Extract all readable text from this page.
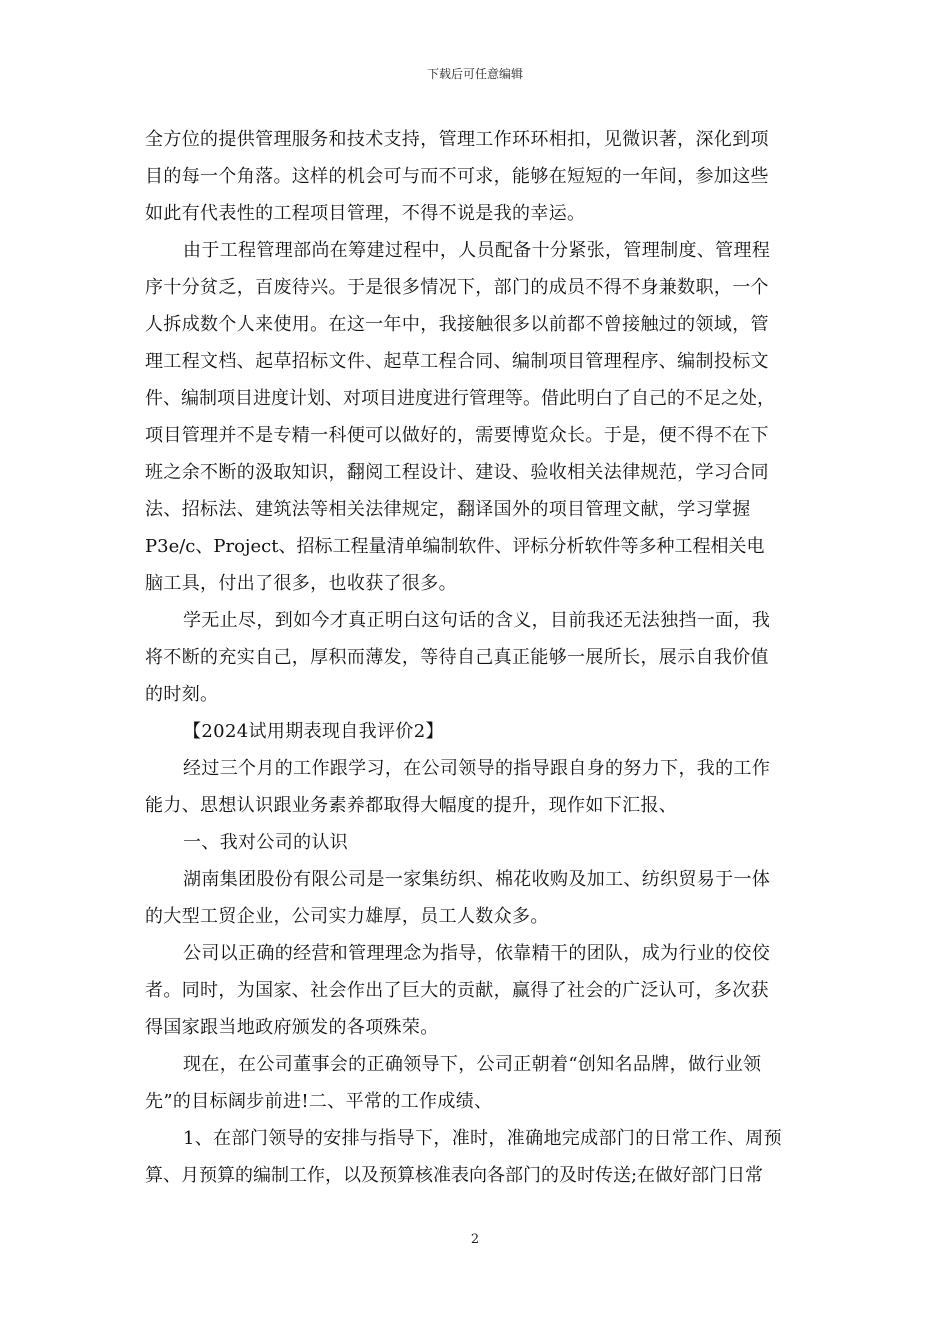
下载后可任意编辑
全方位的提供管理服务和技术支持，管理工作环环相扣，见微识著，深化到项
目的每一个角落。这样的机会可与而不可求，能够在短短的一年间，参加这些
如此有代表性的工程项目管理，不得不说是我的幸运。
由于工程管理部尚在筹建过程中，人员配备十分紧张，管理制度、管理程
序十分贫乏，百废待兴。于是很多情况下，部门的成员不得不身兼数职，一个
人拆成数个人来使用。在这一年中，我接触很多以前都不曾接触过的领域，管
理工程文档、起草招标文件、起草工程合同、编制项目管理程序、编制投标文
件、编制项目进度计划、对项目进度进行管理等。借此明白了自己的不足之处，
项目管理并不是专精一科便可以做好的，需要博览众长。于是，便不得不在下
班之余不断的汲取知识，翻阅工程设计、建设、验收相关法律规范，学习合同
法、招标法、建筑法等相关法律规定，翻译国外的项目管理文献，学习掌握
P3e/c、Project、招标工程量清单编制软件、评标分析软件等多种工程相关电
脑工具，付出了很多，也收获了很多。
学无止尽，到如今才真正明白这句话的含义，目前我还无法独挡一面，我
将不断的充实自己，厚积而薄发，等待自己真正能够一展所长，展示自我价值
的时刻。
【2024试用期表现自我评价2】
经过三个月的工作跟学习，在公司领导的指导跟自身的努力下，我的工作
能力、思想认识跟业务素养都取得大幅度的提升，现作如下汇报、
一、我对公司的认识
湖南集团股份有限公司是一家集纺织、棉花收购及加工、纺织贸易于一体
的大型工贸企业，公司实力雄厚，员工人数众多。
公司以正确的经营和管理理念为指导，依靠精干的团队，成为行业的佼佼
者。同时，为国家、社会作出了巨大的贡献，赢得了社会的广泛认可，多次获
得国家跟当地政府颁发的各项殊荣。
现在，在公司董事会的正确领导下，公司正朝着“创知名品牌，做行业领
先”的目标阔步前进!二、平常的工作成绩、
1、在部门领导的安排与指导下，准时，准确地完成部门的日常工作、周预
算、月预算的编制工作，以及预算核准表向各部门的及时传送;在做好部门日常
2
